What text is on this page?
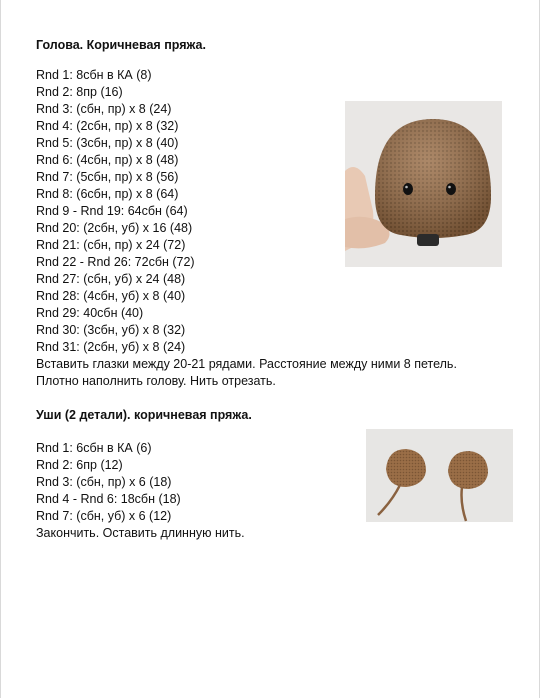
Голова. Коричневая пряжа.
Rnd 1: 8сбн в КА (8)
Rnd 2: 8пр (16)
Rnd 3: (сбн, пр) x 8 (24)
Rnd 4: (2сбн, пр) x 8 (32)
Rnd 5: (3сбн, пр) x 8 (40)
Rnd 6: (4сбн, пр) x 8 (48)
Rnd 7: (5сбн, пр) x 8 (56)
Rnd 8: (6сбн, пр) x 8 (64)
Rnd 9 - Rnd 19: 64сбн (64)
Rnd 20: (2сбн, уб) x 16 (48)
Rnd 21: (сбн, пр) x 24 (72)
Rnd 22 - Rnd 26: 72сбн (72)
Rnd 27: (сбн, уб) x 24 (48)
Rnd 28: (4сбн, уб) x 8 (40)
Rnd 29: 40сбн (40)
Rnd 30: (3сбн, уб) x 8 (32)
Rnd 31: (2сбн, уб) x 8 (24)
Вставить глазки между 20-21 рядами. Расстояние между ними 8 петель.
Плотно наполнить голову. Нить отрезать.
Уши (2 детали). коричневая пряжа.
Rnd 1: 6сбн в КА (6)
Rnd 2: 6пр (12)
Rnd 3: (сбн, пр) x 6 (18)
Rnd 4 - Rnd 6: 18сбн (18)
Rnd 7: (сбн, уб) x 6 (12)
Закончить. Оставить длинную нить.
